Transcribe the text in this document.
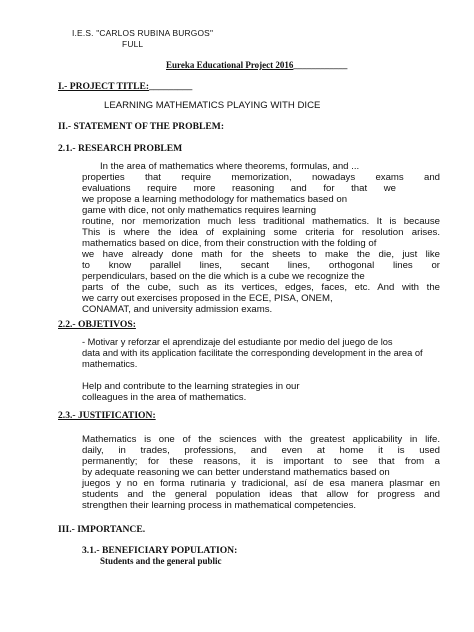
I.E.S. "CARLOS RUBINA BURGOS"
FULL
Eureka Educational Project 2016____________
I.- PROJECT TITLE:_________
LEARNING MATHEMATICS PLAYING WITH DICE
II.- STATEMENT OF THE PROBLEM:
2.1.- RESEARCH PROBLEM
In the area of mathematics where theorems, formulas, and ...
properties that require memorization, nowadays exams and
evaluations require more reasoning and for that we
we propose a learning methodology for mathematics based on
game with dice, not only mathematics requires learning
routine, nor memorization much less traditional mathematics. It is because
This is where the idea of explaining some criteria for resolution arises.
mathematics based on dice, from their construction with the folding of
we have already done math for the sheets to make the die, just like
to know parallel lines, secant lines, orthogonal lines or
perpendiculars, based on the die which is a cube we recognize the
parts of the cube, such as its vertices, edges, faces, etc. And with the
we carry out exercises proposed in the ECE, PISA, ONEM,
CONAMAT, and university admission exams.
2.2.- OBJETIVOS:
- Motivar y reforzar el aprendizaje del estudiante por medio del juego de los
data and with its application facilitate the corresponding development in the area of
mathematics.
Help and contribute to the learning strategies in our
colleagues in the area of mathematics.
2.3.- JUSTIFICATION:
Mathematics is one of the sciences with the greatest applicability in life.
daily, in trades, professions, and even at home it is used
permanently; for these reasons, it is important to see that from a
by adequate reasoning we can better understand mathematics based on
juegos y no en forma rutinaria y tradicional, así de esa manera plasmar en
students and the general population ideas that allow for progress and
strengthen their learning process in mathematical competencies.
III.- IMPORTANCE.
3.1.- BENEFICIARY POPULATION:
Students and the general public
